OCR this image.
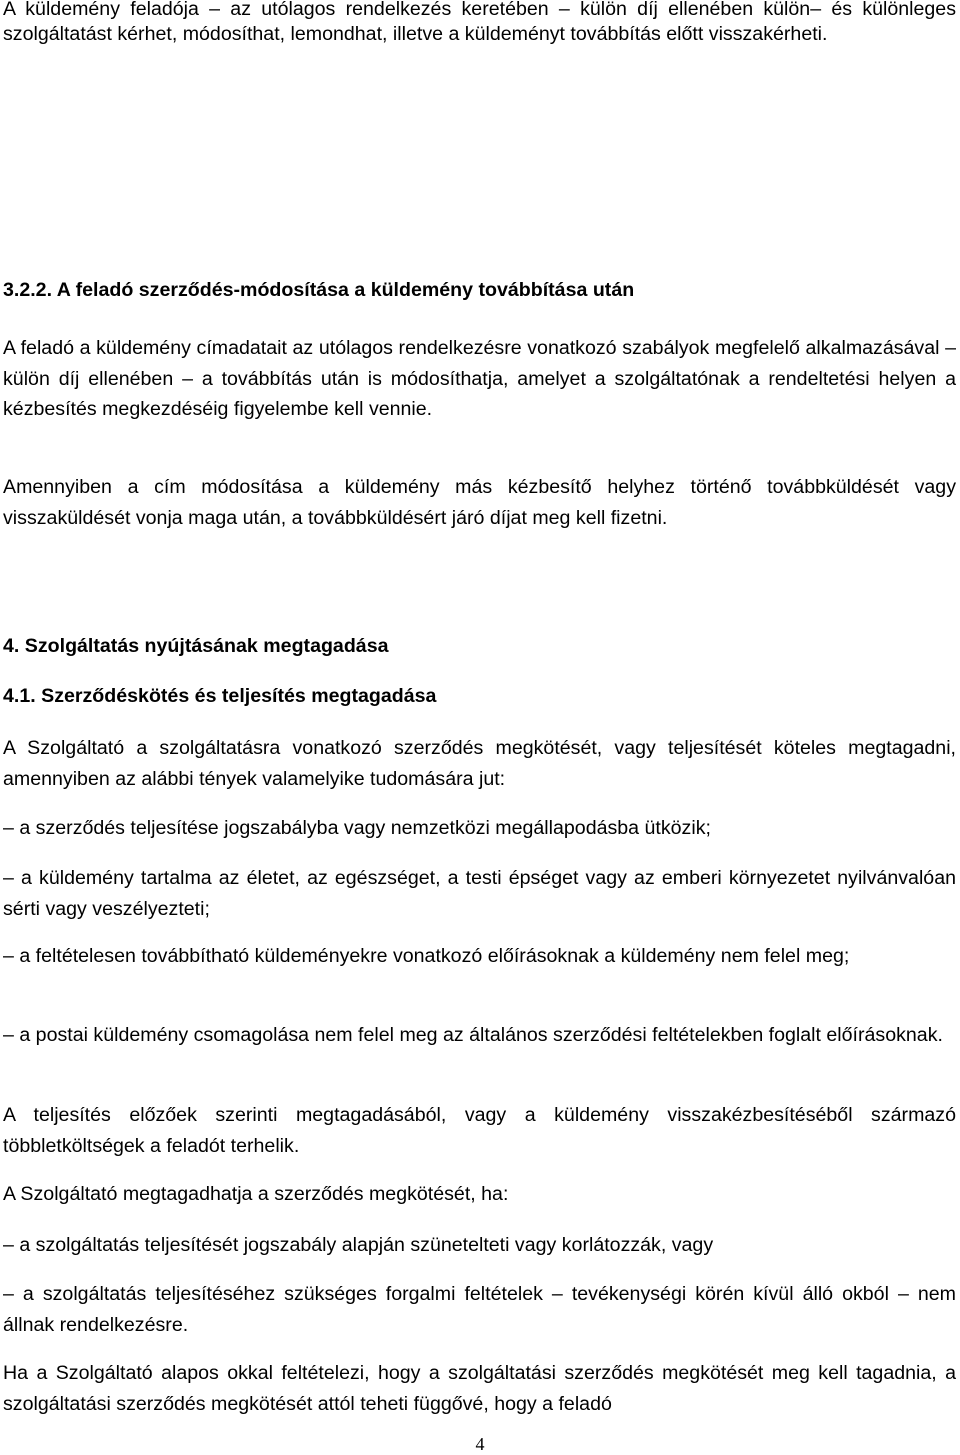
A küldemény feladója – az utólagos rendelkezés keretében – külön díj ellenében külön– és különleges szolgáltatást kérhet, módosíthat, lemondhat, illetve a küldeményt továbbítás előtt visszakérheti.

3.2.2. A feladó szerződés-módosítása a küldemény továbbítása után

A feladó a küldemény címadatait az utólagos rendelkezésre vonatkozó szabályok megfelelő alkalmazásával – külön díj ellenében – a továbbítás után is módosíthatja, amelyet a szolgáltatónak a rendeltetési helyen a kézbesítés megkezdéséig figyelembe kell vennie.

Amennyiben a cím módosítása a küldemény más kézbesítő helyhez történő továbbküldését vagy visszaküldését vonja maga után, a továbbküldésért járó díjat meg kell fizetni.

4. Szolgáltatás nyújtásának megtagadása

4.1. Szerződéskötés és teljesítés megtagadása

A Szolgáltató a szolgáltatásra vonatkozó szerződés megkötését, vagy teljesítését köteles megtagadni, amennyiben az alábbi tények valamelyike tudomására jut:

– a szerződés teljesítése jogszabályba vagy nemzetközi megállapodásba ütközik;

– a küldemény tartalma az életet, az egészséget, a testi épséget vagy az emberi környezetet nyilvánvalóan sérti vagy veszélyezteti;

– a feltételesen továbbítható küldeményekre vonatkozó előírásoknak a küldemény nem felel meg;

– a postai küldemény csomagolása nem felel meg az általános szerződési feltételekben foglalt előírásoknak.

A teljesítés előzőek szerinti megtagadásából, vagy a küldemény visszakézbesítéséből származó többletköltségek a feladót terhelik.

A Szolgáltató megtagadhatja a szerződés megkötését, ha:

– a szolgáltatás teljesítését jogszabály alapján szünetelteti vagy korlátozzák, vagy

– a szolgáltatás teljesítéséhez szükséges forgalmi feltételek – tevékenységi körén kívül álló okból – nem állnak rendelkezésre.

Ha a Szolgáltató alapos okkal feltételezi, hogy a szolgáltatási szerződés megkötését meg kell tagadnia, a szolgáltatási szerződés megkötését attól teheti függővé, hogy a feladó

4
